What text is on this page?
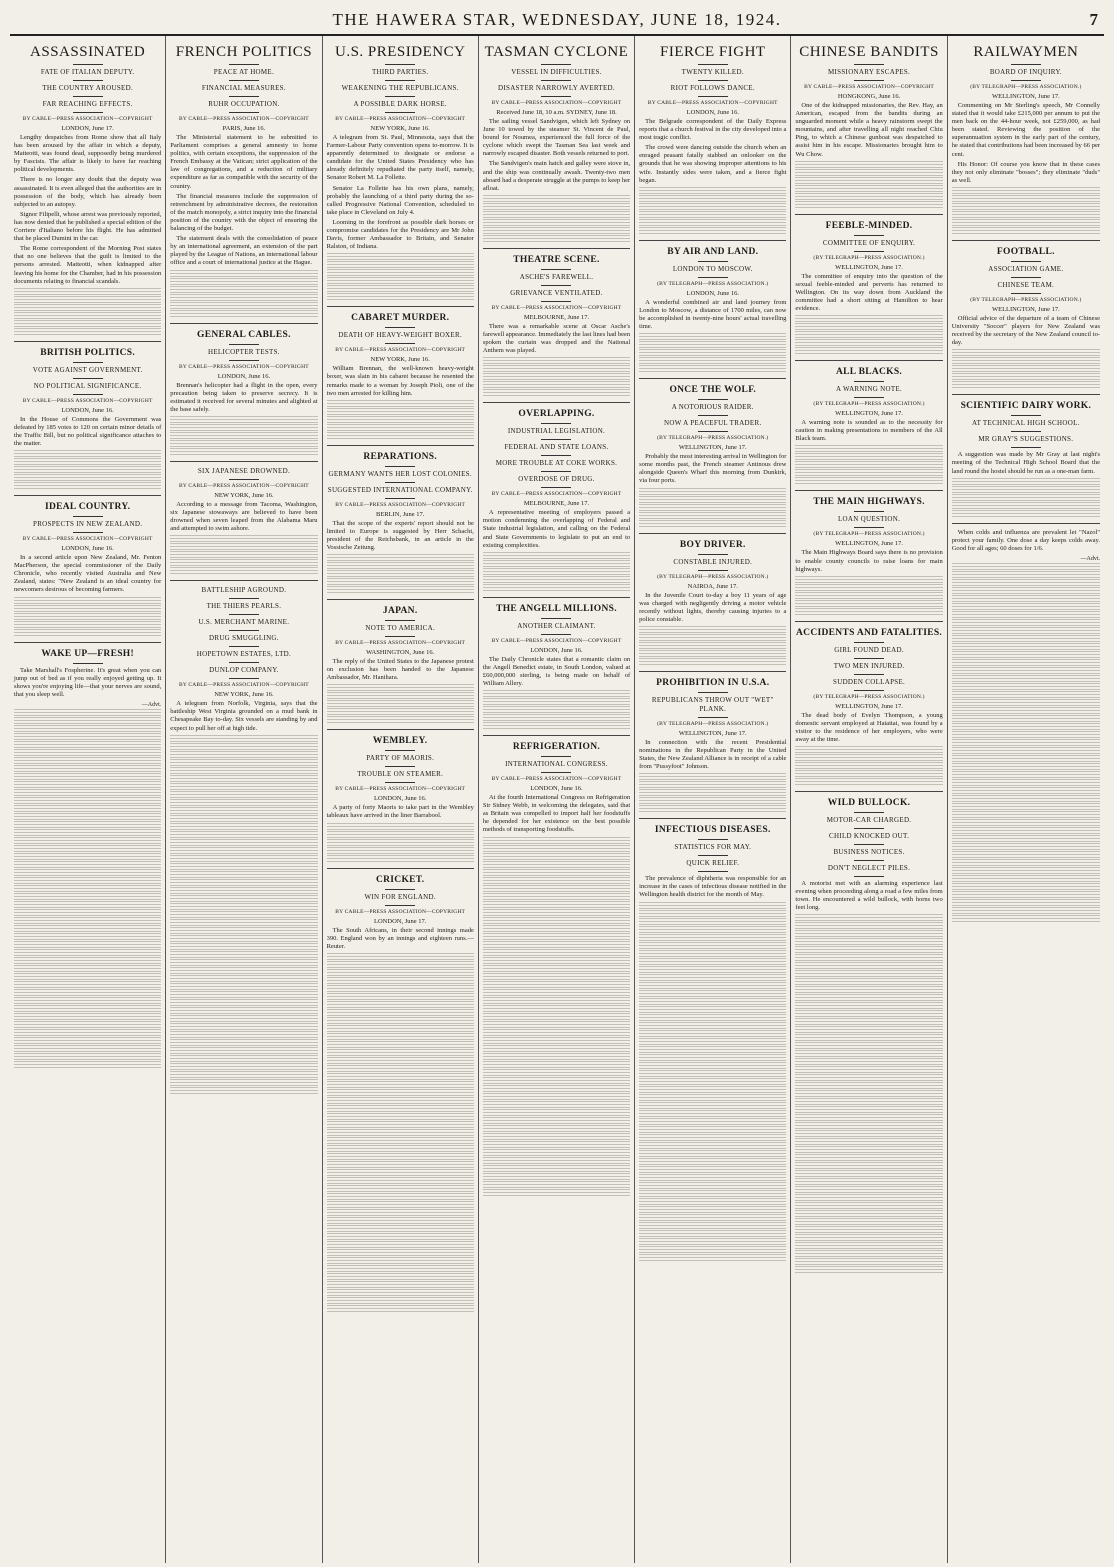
THE HAWERA STAR, WEDNESDAY, JUNE 18, 1924.	7
ASSASSINATED
FATE OF ITALIAN DEPUTY.
THE COUNTRY AROUSED.
FAR REACHING EFFECTS.
BY CABLE—PRESS ASSOCIATION—COPYRIGHT
LONDON, June 17.

Lengthy despatches from Rome show that all Italy has been aroused by the affair in which a deputy, Matteotti, was found dead, supposedly being murdered by Fascists. The affair is likely to have far reaching political developments.

There is no longer any doubt that the deputy was assassinated. It is even alleged that the authorities are in possession of the body, which has already been subjected to an autopsy.

Signor Filipelli, whose arrest was previously reported, has now denied that he published a special edition of the Corriere d'Italiano before his flight. He has admitted that he placed Dumini in the car.

The Rome correspondent of the Morning Post states that no one believes that the guilt is limited to the persons arrested. Matteotti, when kidnapped after leaving his home for the Chamber, had in his possession documents relating to financial scandals.

BRITISH POLITICS.
VOTE AGAINST GOVERNMENT.
NO POLITICAL SIGNIFICANCE.
BY CABLE—PRESS ASSOCIATION—COPYRIGHT
LONDON, June 16.

In the House of Commons the Government was defeated by 185 votes to 120 on certain minor details of the Traffic Bill, but no political significance attaches to the matter.

IDEAL COUNTRY.
PROSPECTS IN NEW ZEALAND.
BY CABLE—PRESS ASSOCIATION—COPYRIGHT
LONDON, June 16.

In a second article upon New Zealand, Mr. Fenton MacPherson, the special commissioner of the Daily Chronicle, who recently visited Australia and New Zealand, states: "New Zealand is an ideal country for newcomers desirous of becoming farmers.

WAKE UP—FRESH!

Take Marshall's Fospherine. It's great when you can jump out of bed as if you really enjoyed getting up. It shows you're enjoying life—that your nerves are sound, that you sleep well.

—Advt.
FRENCH POLITICS
PEACE AT HOME.
FINANCIAL MEASURES.
RUHR OCCUPATION.
BY CABLE—PRESS ASSOCIATION—COPYRIGHT
PARIS, June 16.

The Ministerial statement to be submitted to Parliament comprises a general amnesty to home politics, with certain exceptions, the suppression of the French Embassy at the Vatican; strict application of the law of congregations, and a reduction of military expenditure as far as compatible with the security of the country.

The financial measures include the suppression of retrenchment by administrative decrees, the restoration of the match monopoly, a strict inquiry into the financial position of the country with the object of ensuring the balancing of the budget.

The statement deals with the consolidation of peace by an international agreement, an extension of the part played by the League of Nations, an international labour office and a court of international justice at the Hague.

GENERAL CABLES.
HELICOPTER TESTS.
BY CABLE—PRESS ASSOCIATION—COPYRIGHT
LONDON, June 16.

Brennan's helicopter had a flight in the open, every precaution being taken to preserve secrecy. It is estimated it received for several minutes and alighted at the base safely.

SIX JAPANESE DROWNED.
BY CABLE—PRESS ASSOCIATION—COPYRIGHT
NEW YORK, June 16.

According to a message from Tacoma, Washington, six Japanese stowaways are believed to have been drowned when seven leaped from the Alabama Maru and attempted to swim ashore.

BATTLESHIP AGROUND.
THE THIERS PEARLS.
U.S. MERCHANT MARINE.
DRUG SMUGGLING.
HOPETOWN ESTATES, LTD.
DUNLOP COMPANY.
BY CABLE—PRESS ASSOCIATION—COPYRIGHT
NEW YORK, June 16.

A telegram from Norfolk, Virginia, says that the battleship West Virginia grounded on a mud bank in Chesapeake Bay to-day. Six vessels are standing by and expect to pull her off at high tide.

U.S. PRESIDENCY
THIRD PARTIES.
WEAKENING THE REPUBLICANS.
A POSSIBLE DARK HORSE.
BY CABLE—PRESS ASSOCIATION—COPYRIGHT
NEW YORK, June 16.

A telegram from St. Paul, Minnesota, says that the Farmer-Labour Party convention opens to-morrow. It is apparently determined to designate or endorse a candidate for the United States Presidency who has already definitely repudiated the party itself, namely, Senator Robert M. La Follette.

Senator La Follette has his own plans, namely, probably the launching of a third party during the so-called Progressive National Convention, scheduled to take place in Cleveland on July 4.

Looming in the forefront as possible dark horses or compromise candidates for the Presidency are Mr John Davis, former Ambassador to Britain, and Senator Ralston, of Indiana.

CABARET MURDER.
DEATH OF HEAVY-WEIGHT BOXER.
BY CABLE—PRESS ASSOCIATION—COPYRIGHT
NEW YORK, June 16.

William Brennan, the well-known heavy-weight boxer, was slain in his cabaret because he resented the remarks made to a woman by Joseph Pioli, one of the two men arrested for killing him.

REPARATIONS.
GERMANY WANTS HER LOST COLONIES.
SUGGESTED INTERNATIONAL COMPANY.
BY CABLE—PRESS ASSOCIATION—COPYRIGHT
BERLIN, June 17.

That the scope of the experts' report should not be limited to Europe is suggested by Herr Schacht, president of the Reichsbank, in an article in the Vossische Zeitung.

JAPAN.
NOTE TO AMERICA.
BY CABLE—PRESS ASSOCIATION—COPYRIGHT
WASHINGTON, June 16.

The reply of the United States to the Japanese protest on exclusion has been handed to the Japanese Ambassador, Mr. Hanihara.

WEMBLEY.
PARTY OF MAORIS.
TROUBLE ON STEAMER.
BY CABLE—PRESS ASSOCIATION—COPYRIGHT
LONDON, June 16.

A party of forty Maoris to take part in the Wembley tableaux have arrived in the liner Barrabool.

CRICKET.
WIN FOR ENGLAND.
BY CABLE—PRESS ASSOCIATION—COPYRIGHT
LONDON, June 17.

The South Africans, in their second innings made 390. England won by an innings and eighteen runs.—Reuter.

TASMAN CYCLONE
VESSEL IN DIFFICULTIES.
DISASTER NARROWLY AVERTED.
BY CABLE—PRESS ASSOCIATION—COPYRIGHT
Received June 18, 10 a.m. SYDNEY, June 18.

The sailing vessel Sandvigen, which left Sydney on June 10 towed by the steamer St. Vincent de Paul, bound for Noumea, experienced the full force of the cyclone which swept the Tasman Sea last week and narrowly escaped disaster. Both vessels returned to port.

The Sandvigen's main hatch and galley were stove in, and the ship was continually awash. Twenty-two men aboard had a desperate struggle at the pumps to keep her afloat.

THEATRE SCENE.
ASCHE'S FAREWELL.
GRIEVANCE VENTILATED.
BY CABLE—PRESS ASSOCIATION—COPYRIGHT
MELBOURNE, June 17.

There was a remarkable scene at Oscar Asche's farewell appearance. Immediately the last lines had been spoken the curtain was dropped and the National Anthem was played.

OVERLAPPING.
INDUSTRIAL LEGISLATION.
FEDERAL AND STATE LOANS.
MORE TROUBLE AT COKE WORKS.
OVERDOSE OF DRUG.
BY CABLE—PRESS ASSOCIATION—COPYRIGHT
MELBOURNE, June 17.

A representative meeting of employers passed a motion condemning the overlapping of Federal and State industrial legislation, and calling on the Federal and State Governments to legislate to put an end to existing complexities.

THE ANGELL MILLIONS.
ANOTHER CLAIMANT.
BY CABLE—PRESS ASSOCIATION—COPYRIGHT
LONDON, June 16.

The Daily Chronicle states that a romantic claim on the Angell Benedict estate, in South London, valued at £60,000,000 sterling, is being made on behalf of William Allery.

REFRIGERATION.
INTERNATIONAL CONGRESS.
BY CABLE—PRESS ASSOCIATION—COPYRIGHT
LONDON, June 16.

At the fourth International Congress on Refrigeration Sir Sidney Webb, in welcoming the delegates, said that as Britain was compelled to import half her foodstuffs he depended for her existence on the best possible methods of transporting foodstuffs.

FIERCE FIGHT
TWENTY KILLED.
RIOT FOLLOWS DANCE.
BY CABLE—PRESS ASSOCIATION—COPYRIGHT
LONDON, June 16.

The Belgrade correspondent of the Daily Express reports that a church festival in the city developed into a most tragic conflict.

The crowd were dancing outside the church when an enraged peasant fatally stabbed an onlooker on the grounds that he was showing improper attentions to his wife. Instantly sides were taken, and a fierce fight began.

BY AIR AND LAND.
LONDON TO MOSCOW.
(BY TELEGRAPH—PRESS ASSOCIATION.)
LONDON, June 16.

A wonderful combined air and land journey from London to Moscow, a distance of 1700 miles, can now be accomplished in twenty-nine hours' actual travelling time.

ONCE THE WOLF.
A NOTORIOUS RAIDER.
NOW A PEACEFUL TRADER.
(BY TELEGRAPH—PRESS ASSOCIATION.)
WELLINGTON, June 17.

Probably the most interesting arrival in Wellington for some months past, the French steamer Antinous drew alongside Queen's Wharf this morning from Dunkirk, via four ports.

BOY DRIVER.
CONSTABLE INJURED.
(BY TELEGRAPH—PRESS ASSOCIATION.)
NAIROA, June 17.

In the Juvenile Court to-day a boy 11 years of age was charged with negligently driving a motor vehicle recently without lights, thereby causing injuries to a police constable.

PROHIBITION IN U.S.A.
REPUBLICANS THROW OUT "WET" PLANK.
(BY TELEGRAPH—PRESS ASSOCIATION.)
WELLINGTON, June 17.

In connection with the recent Presidential nominations in the Republican Party in the United States, the New Zealand Alliance is in receipt of a cable from "Pussyfoot" Johnson.

INFECTIOUS DISEASES.
STATISTICS FOR MAY.
QUICK RELIEF.

The prevalence of diphtheria was responsible for an increase in the cases of infectious disease notified in the Wellington health district for the month of May.

CHINESE BANDITS
MISSIONARY ESCAPES.
BY CABLE—PRESS ASSOCIATION—COPYRIGHT
HONGKONG, June 16.

One of the kidnapped missionaries, the Rev. Hay, an American, escaped from the bandits during an unguarded moment while a heavy rainstorm swept the mountains, and after travelling all night reached Chiu Ping, to which a Chinese gunboat was despatched to assist him in his escape. Missionaries brought him to Wu Chow.

FEEBLE-MINDED.
COMMITTEE OF ENQUIRY.
(BY TELEGRAPH—PRESS ASSOCIATION.)
WELLINGTON, June 17.

The committee of enquiry into the question of the sexual feeble-minded and perverts has returned to Wellington. On its way down from Auckland the committee had a short sitting at Hamilton to hear evidence.

ALL BLACKS.
A WARNING NOTE.
(BY TELEGRAPH—PRESS ASSOCIATION.)
WELLINGTON, June 17.

A warning note is sounded as to the necessity for caution in making presentations to members of the All Black team.

THE MAIN HIGHWAYS.
LOAN QUESTION.
(BY TELEGRAPH—PRESS ASSOCIATION.)
WELLINGTON, June 17.

The Main Highways Board says there is no provision to enable county councils to raise loans for main highways.

ACCIDENTS AND FATALITIES.
GIRL FOUND DEAD.
TWO MEN INJURED.
SUDDEN COLLAPSE.
(BY TELEGRAPH—PRESS ASSOCIATION.)
WELLINGTON, June 17.

The dead body of Evelyn Thompson, a young domestic servant employed at Hataitai, was found by a visitor to the residence of her employers, who were away at the time.

WILD BULLOCK.
MOTOR-CAR CHARGED.
CHILD KNOCKED OUT.
BUSINESS NOTICES.
DON'T NEGLECT PILES.

A motorist met with an alarming experience last evening when proceeding along a road a few miles from town. He encountered a wild bullock, with horns two feet long.

RAILWAYMEN
BOARD OF INQUIRY.
(BY TELEGRAPH—PRESS ASSOCIATION.)
WELLINGTON, June 17.

Commenting on Mr Sterling's speech, Mr Connelly stated that it would take £215,000 per annum to put the men back on the 44-hour week, not £259,000, as had been stated. Reviewing the position of the superannuation system in the early part of the century, he stated that contributions had been increased by 66 per cent.

His Honor: Of course you know that in these cases they not only eliminate "bosses"; they eliminate "duds" as well.

FOOTBALL.
ASSOCIATION GAME.
CHINESE TEAM.
(BY TELEGRAPH—PRESS ASSOCIATION.)
WELLINGTON, June 17.

Official advice of the departure of a team of Chinese University "Soccer" players for New Zealand was received by the secretary of the New Zealand council to-day.

SCIENTIFIC DAIRY WORK.
AT TECHNICAL HIGH SCHOOL.
MR GRAY'S SUGGESTIONS.

A suggestion was made by Mr Gray at last night's meeting of the Technical High School Board that the land round the hostel should be run as a one-man farm.

When colds and influenza are prevalent let "Nazol" protect your family. One dose a day keeps colds away. Good for all ages; 60 doses for 1/6.

—Advt.
